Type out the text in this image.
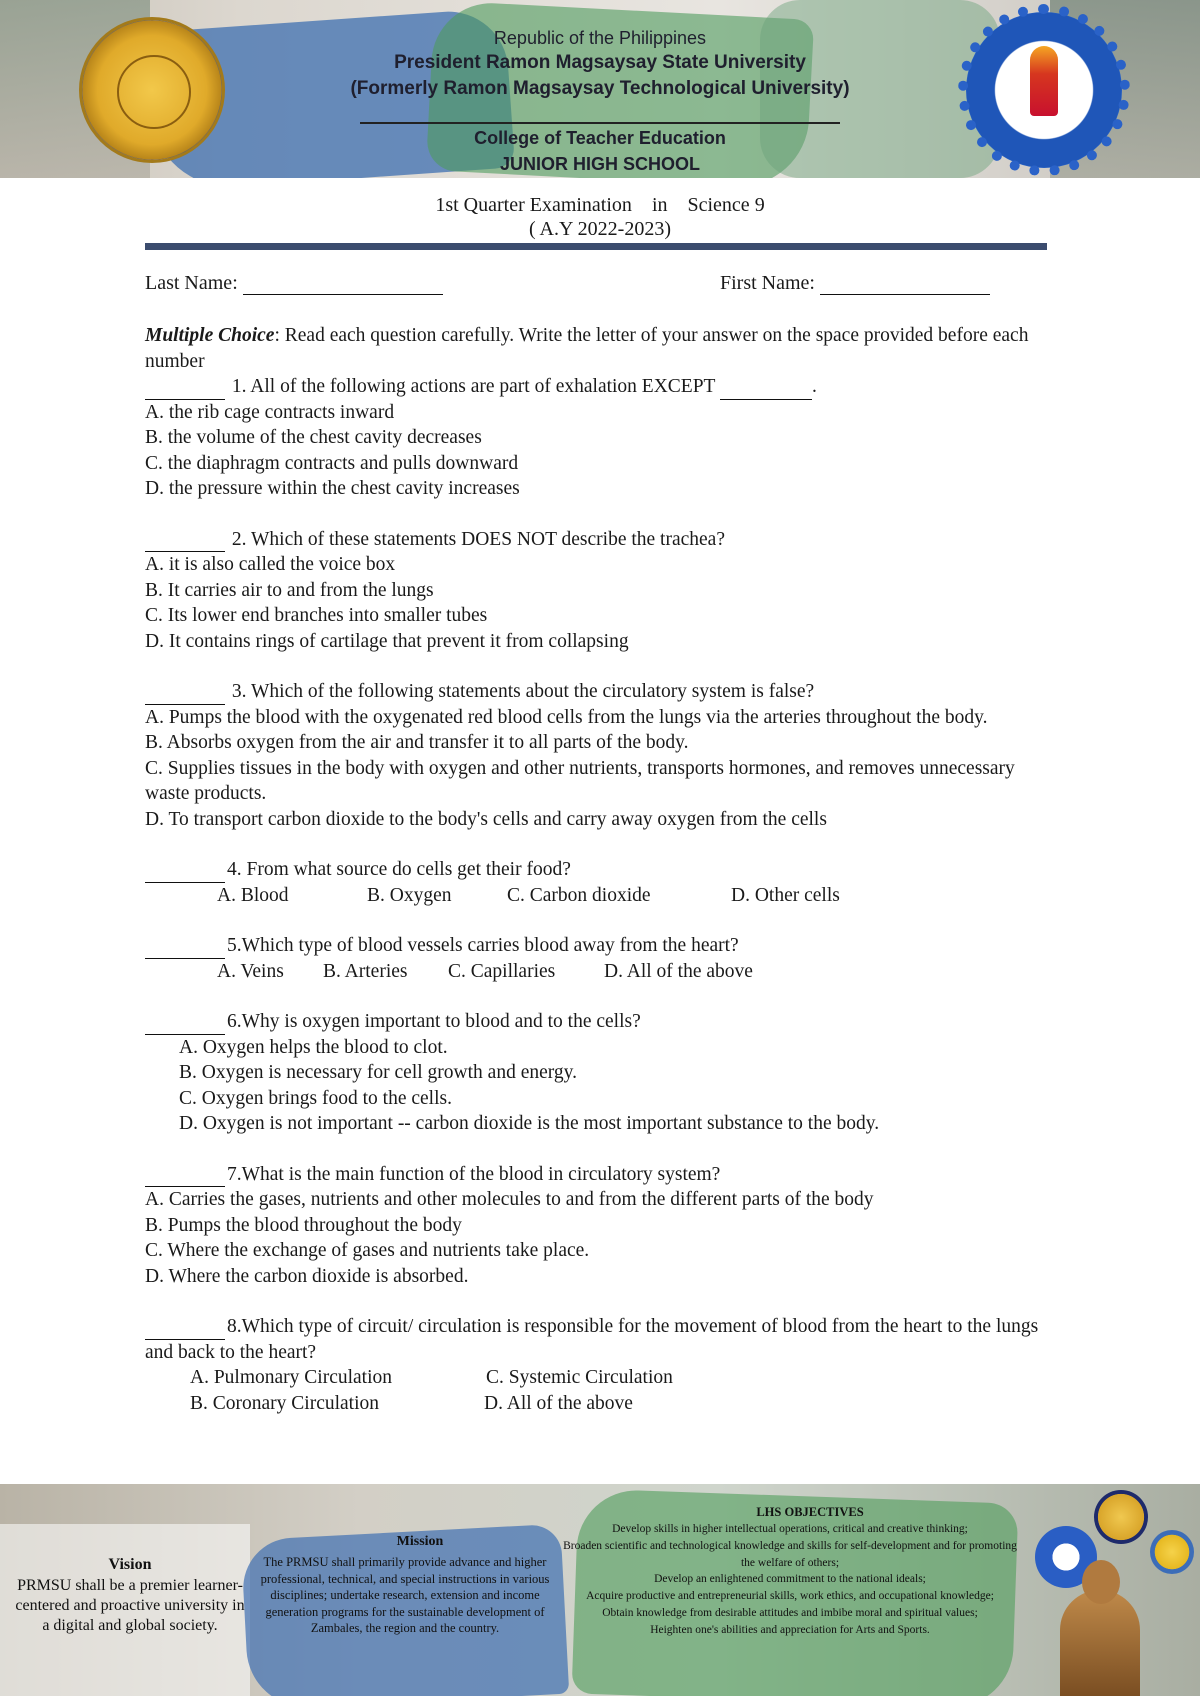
Republic of the Philippines
President Ramon Magsaysay State University
(Formerly Ramon Magsaysay Technological University)
College of Teacher Education
JUNIOR HIGH SCHOOL
1st Quarter Examination in Science 9
( A.Y 2022-2023)
Last Name:	First Name:

Multiple Choice: Read each question carefully. Write the letter of your answer on the space provided before each number

1. All of the following actions are part of exhalation EXCEPT	.

A. the rib cage contracts inward

B. the volume of the chest cavity decreases

C. the diaphragm contracts and pulls downward

D. the pressure within the chest cavity increases

2. Which of these statements DOES NOT describe the trachea?

A. it is also called the voice box

B. It carries air to and from the lungs

C. Its lower end branches into smaller tubes

D. It contains rings of cartilage that prevent it from collapsing

3. Which of the following statements about the circulatory system is false?

A. Pumps the blood with the oxygenated red blood cells from the lungs via the arteries throughout the body.

B. Absorbs oxygen from the air and transfer it to all parts of the body.

C. Supplies tissues in the body with oxygen and other nutrients, transports hormones, and removes unnecessary waste products.

D. To transport carbon dioxide to the body's cells and carry away oxygen from the cells

4. From what source do cells get their food?

A. Blood	B. Oxygen	C. Carbon dioxide	D. Other cells

5.Which type of blood vessels carries blood away from the heart?

A. Veins B. Arteries C. Capillaries	D. All of the above

6.Why is oxygen important to blood and to the cells?

A. Oxygen helps the blood to clot.

B. Oxygen is necessary for cell growth and energy.

C. Oxygen brings food to the cells.

D. Oxygen is not important -- carbon dioxide is the most important substance to the body.

7.What is the main function of the blood in circulatory system?

A. Carries the gases, nutrients and other molecules to and from the different parts of the body

B. Pumps the blood throughout the body

C. Where the exchange of gases and nutrients take place.

D. Where the carbon dioxide is absorbed.

8.Which type of circuit/ circulation is responsible for the movement of blood from the heart to the lungs and back to the heart?

A. Pulmonary Circulation	C. Systemic Circulation

B. Coronary Circulation	D. All of the above

Vision
PRMSU shall be a premier learner-centered and proactive university in a digital and global society.
Mission
The PRMSU shall primarily provide advance and higher professional, technical, and special instructions in various disciplines; undertake research, extension and income generation programs for the sustainable development of Zambales, the region and the country.
LHS OBJECTIVES
Develop skills in higher intellectual operations, critical and creative thinking;
Broaden scientific and technological knowledge and skills for self-development and for promoting the welfare of others;
Develop an enlightened commitment to the national ideals;
Acquire productive and entrepreneurial skills, work ethics, and occupational knowledge;
Obtain knowledge from desirable attitudes and imbibe moral and spiritual values;
Heighten one's abilities and appreciation for Arts and Sports.
